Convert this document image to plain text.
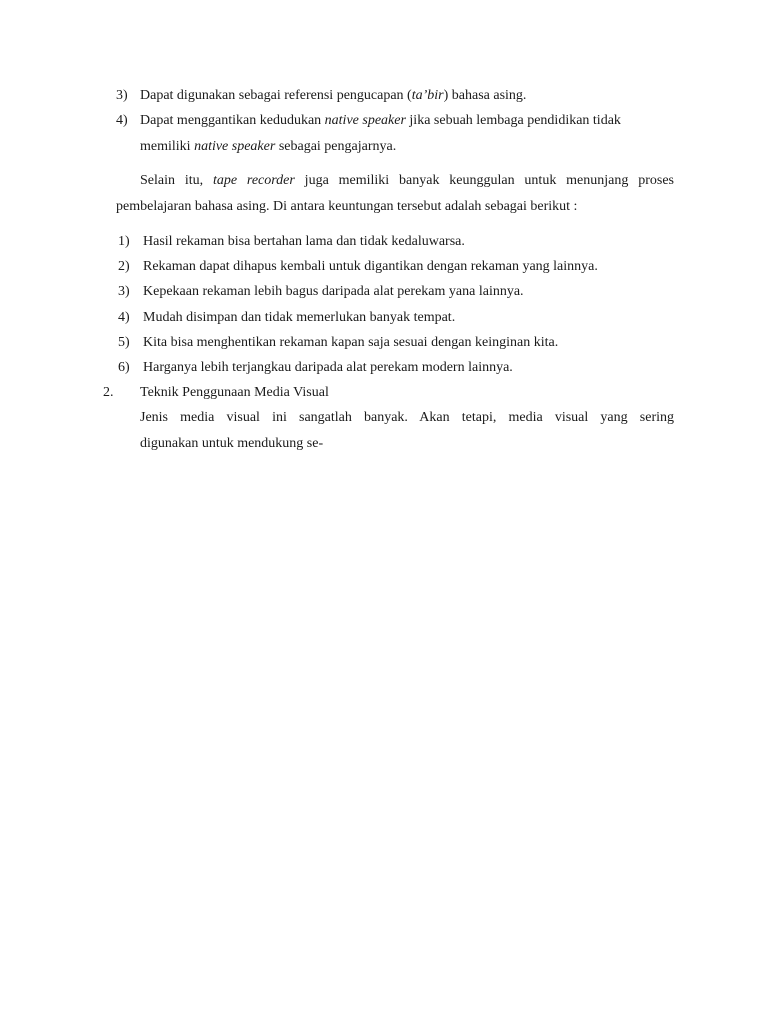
3) Dapat digunakan sebagai referensi pengucapan (ta’bir) bahasa asing.
4) Dapat menggantikan kedudukan native speaker jika sebuah lembaga pendidikan tidak
memiliki native speaker sebagai pengajarnya.
Selain itu, tape recorder juga memiliki banyak keunggulan untuk menunjang proses
pembelajaran bahasa asing. Di antara keuntungan tersebut adalah sebagai berikut :
1) Hasil rekaman bisa bertahan lama dan tidak kedaluwarsa.
2) Rekaman dapat dihapus kembali untuk digantikan dengan rekaman yang lainnya.
3) Kepekaan rekaman lebih bagus daripada alat perekam yana lainnya.
4) Mudah disimpan dan tidak memerlukan banyak tempat.
5) Kita bisa menghentikan rekaman kapan saja sesuai dengan keinginan kita.
6) Harganya lebih terjangkau daripada alat perekam modern lainnya.
2. Teknik Penggunaan Media Visual
Jenis media visual ini sangatlah banyak. Akan tetapi, media visual yang sering
digunakan untuk mendukung se-
